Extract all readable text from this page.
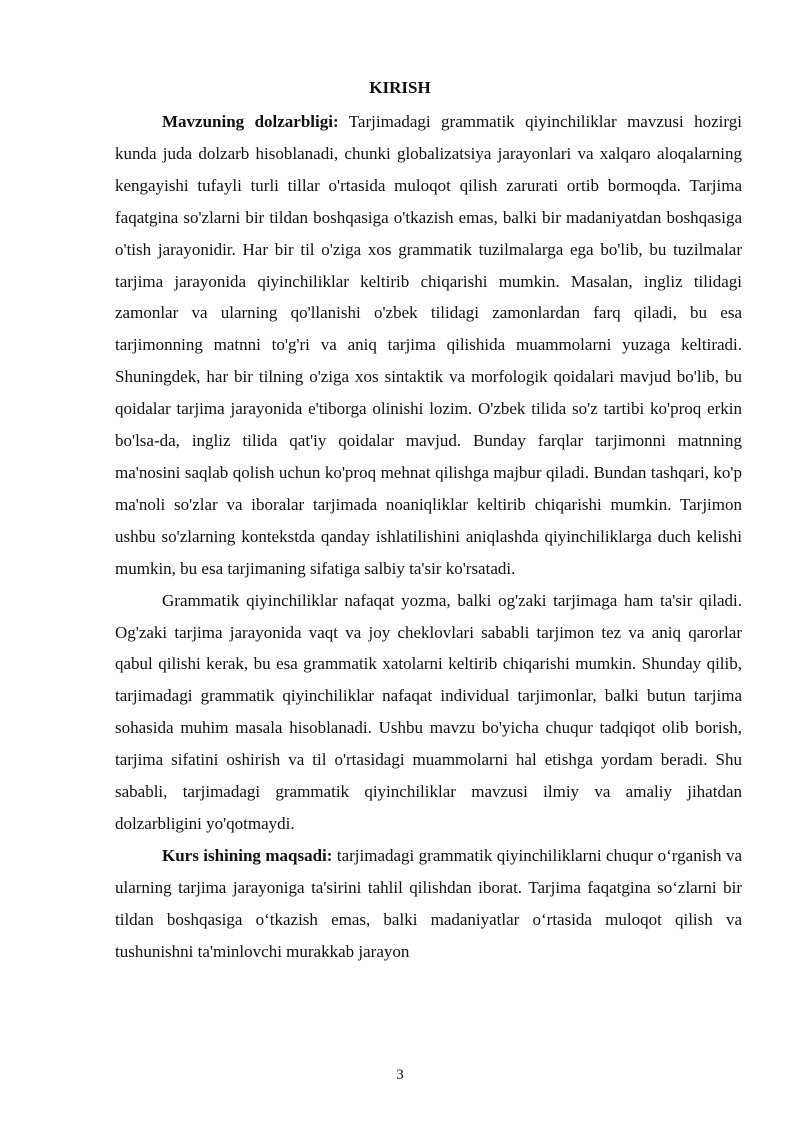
KIRISH

Mavzuning dolzarbligi: Tarjimadagi grammatik qiyinchiliklar mavzusi hozirgi kunda juda dolzarb hisoblanadi, chunki globalizatsiya jarayonlari va xalqaro aloqalarning kengayishi tufayli turli tillar o'rtasida muloqot qilish zarurati ortib bormoqda. Tarjima faqatgina so'zlarni bir tildan boshqasiga o'tkazish emas, balki bir madaniyatdan boshqasiga o'tish jarayonidir. Har bir til o'ziga xos grammatik tuzilmalarga ega bo'lib, bu tuzilmalar tarjima jarayonida qiyinchiliklar keltirib chiqarishi mumkin. Masalan, ingliz tilidagi zamonlar va ularning qo'llanishi o'zbek tilidagi zamonlardan farq qiladi, bu esa tarjimonning matnni to'g'ri va aniq tarjima qilishida muammolarni yuzaga keltiradi. Shuningdek, har bir tilning o'ziga xos sintaktik va morfologik qoidalari mavjud bo'lib, bu qoidalar tarjima jarayonida e'tiborga olinishi lozim. O'zbek tilida so'z tartibi ko'proq erkin bo'lsa-da, ingliz tilida qat'iy qoidalar mavjud. Bunday farqlar tarjimonni matnning ma'nosini saqlab qolish uchun ko'proq mehnat qilishga majbur qiladi. Bundan tashqari, ko'p ma'noli so'zlar va iboralar tarjimada noaniqliklar keltirib chiqarishi mumkin. Tarjimon ushbu so'zlarning kontekstda qanday ishlatilishini aniqlashda qiyinchiliklarga duch kelishi mumkin, bu esa tarjimaning sifatiga salbiy ta'sir ko'rsatadi.

Grammatik qiyinchiliklar nafaqat yozma, balki og'zaki tarjimaga ham ta'sir qiladi. Og'zaki tarjima jarayonida vaqt va joy cheklovlari sababli tarjimon tez va aniq qarorlar qabul qilishi kerak, bu esa grammatik xatolarni keltirib chiqarishi mumkin. Shunday qilib, tarjimadagi grammatik qiyinchiliklar nafaqat individual tarjimonlar, balki butun tarjima sohasida muhim masala hisoblanadi. Ushbu mavzu bo'yicha chuqur tadqiqot olib borish, tarjima sifatini oshirish va til o'rtasidagi muammolarni hal etishga yordam beradi. Shu sababli, tarjimadagi grammatik qiyinchiliklar mavzusi ilmiy va amaliy jihatdan dolzarbligini yo'qotmaydi.

Kurs ishining maqsadi: tarjimadagi grammatik qiyinchiliklarni chuqur o‘rganish va ularning tarjima jarayoniga ta'sirini tahlil qilishdan iborat. Tarjima faqatgina so‘zlarni bir tildan boshqasiga o‘tkazish emas, balki madaniyatlar o‘rtasida muloqot qilish va tushunishni ta'minlovchi murakkab jarayon

3
